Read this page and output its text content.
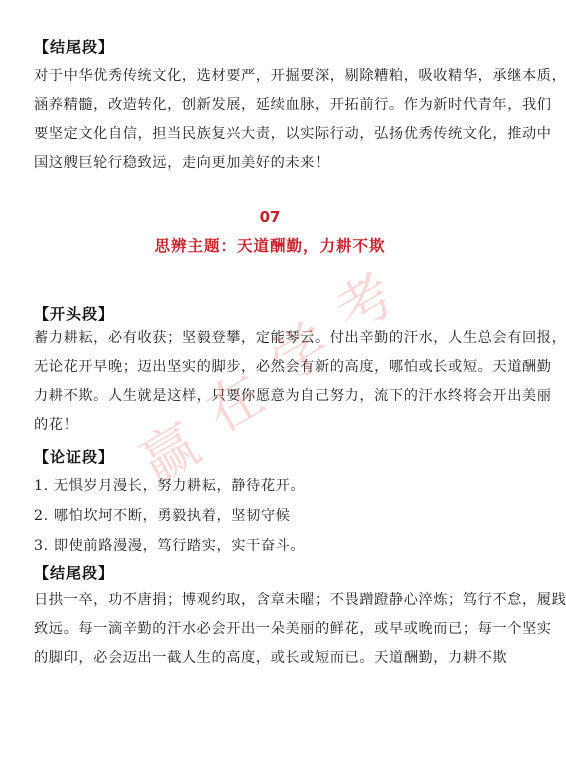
【结尾段】
对于中华优秀传统文化，选材要严，开掘要深，剔除糟粕，吸收精华，承继本质，
涵养精髓，改造转化，创新发展，延续血脉，开拓前行。作为新时代青年，我们
要坚定文化自信，担当民族复兴大责，以实际行动，弘扬优秀传统文化，推动中
国这艘巨轮行稳致远，走向更加美好的未来！
07
思辨主题：天道酬勤，力耕不欺
【开头段】
蓄力耕耘，必有收获；坚毅登攀，定能琴云。付出辛勤的汗水，人生总会有回报，
无论花开早晚；迈出坚实的脚步，必然会有新的高度，哪怕或长或短。天道酬勤
力耕不欺。人生就是这样，只要你愿意为自己努力，流下的汗水终将会开出美丽
的花！
【论证段】
1. 无惧岁月漫长，努力耕耘，静待花开。
2. 哪怕坎坷不断，勇毅执着，坚韧守候
3. 即使前路漫漫，笃行踏实，实干奋斗。
【结尾段】
日拱一卒，功不唐捐；博观约取，含章未曜；不畏蹭蹬静心淬炼；笃行不怠，履践
致远。每一滴辛勤的汗水必会开出一朵美丽的鲜花，或早或晚而已；每一个坚实
的脚印，必会迈出一截人生的高度，或长或短而已。天道酬勤，力耕不欺
赢
在
学
考
